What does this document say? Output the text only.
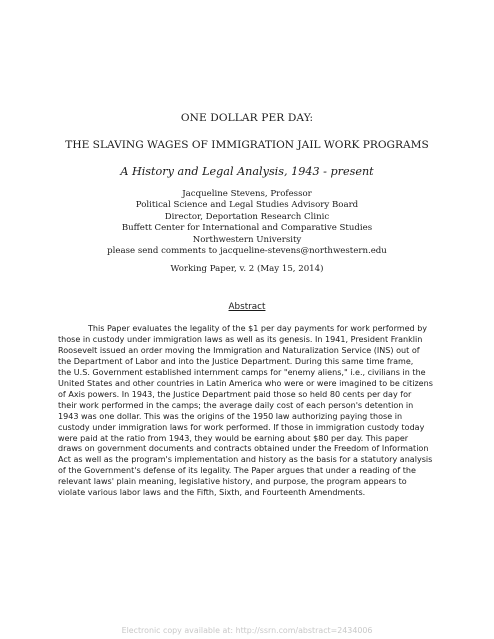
ONE DOLLAR PER DAY:
THE SLAVING WAGES OF IMMIGRATION JAIL WORK PROGRAMS
A History and Legal Analysis, 1943 - present
Jacqueline Stevens, Professor
Political Science and Legal Studies Advisory Board
Director, Deportation Research Clinic
Buffett Center for International and Comparative Studies
Northwestern University
please send comments to jacqueline-stevens@northwestern.edu
Working Paper, v. 2 (May 15, 2014)
Abstract
This Paper evaluates the legality of the $1 per day payments for work performed by
those in custody under immigration laws as well as its genesis. In 1941, President Franklin
Roosevelt issued an order moving the Immigration and Naturalization Service (INS) out of
the Department of Labor and into the Justice Department. During this same time frame,
the U.S. Government established internment camps for "enemy aliens," i.e., civilians in the
United States and other countries in Latin America who were or were imagined to be citizens
of Axis powers. In 1943, the Justice Department paid those so held 80 cents per day for
their work performed in the camps; the average daily cost of each person's detention in
1943 was one dollar. This was the origins of the 1950 law authorizing paying those in
custody under immigration laws for work performed. If those in immigration custody today
were paid at the ratio from 1943, they would be earning about $80 per day. This paper
draws on government documents and contracts obtained under the Freedom of Information
Act as well as the program's implementation and history as the basis for a statutory analysis
of the Government's defense of its legality. The Paper argues that under a reading of the
relevant laws' plain meaning, legislative history, and purpose, the program appears to
violate various labor laws and the Fifth, Sixth, and Fourteenth Amendments.
Electronic copy available at: http://ssrn.com/abstract=2434006
